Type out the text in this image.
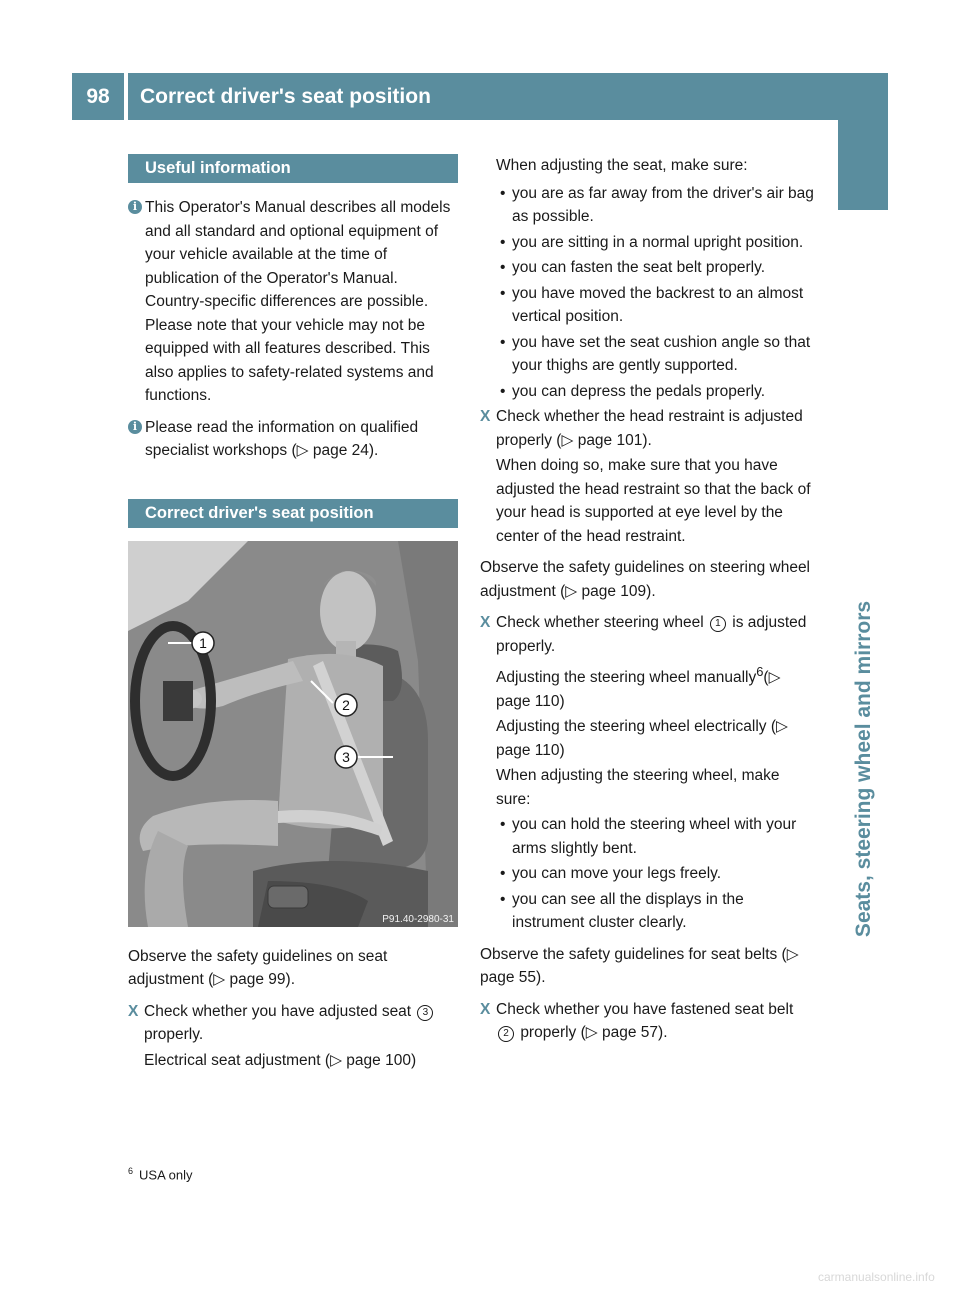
98	Correct driver's seat position
Seats, steering wheel and mirrors
Useful information
i This Operator's Manual describes all models and all standard and optional equipment of your vehicle available at the time of publication of the Operator's Manual. Country-specific differences are possible. Please note that your vehicle may not be equipped with all features described. This also applies to safety-related systems and functions.
i Please read the information on qualified specialist workshops (▷ page 24).
Correct driver's seat position
1
2
3
P91.40-2980-31
Observe the safety guidelines on seat adjustment (▷ page 99).
X Check whether you have adjusted seat 3 properly.
Electrical seat adjustment (▷ page 100)
When adjusting the seat, make sure:
• you are as far away from the driver's air bag as possible.
• you are sitting in a normal upright position.
• you can fasten the seat belt properly.
• you have moved the backrest to an almost vertical position.
• you have set the seat cushion angle so that your thighs are gently supported.
• you can depress the pedals properly.
X Check whether the head restraint is adjusted properly (▷ page 101).
When doing so, make sure that you have adjusted the head restraint so that the back of your head is supported at eye level by the center of the head restraint.
Observe the safety guidelines on steering wheel adjustment (▷ page 109).
X Check whether steering wheel 1 is adjusted properly.
Adjusting the steering wheel manually$^6$(▷ page 110)
Adjusting the steering wheel electrically (▷ page 110)
When adjusting the steering wheel, make sure:
• you can hold the steering wheel with your arms slightly bent.
• you can move your legs freely.
• you can see all the displays in the instrument cluster clearly.
Observe the safety guidelines for seat belts (▷ page 55).
X Check whether you have fastened seat belt 2 properly (▷ page 57).
$^6$ USA only
carmanualsonline.info
